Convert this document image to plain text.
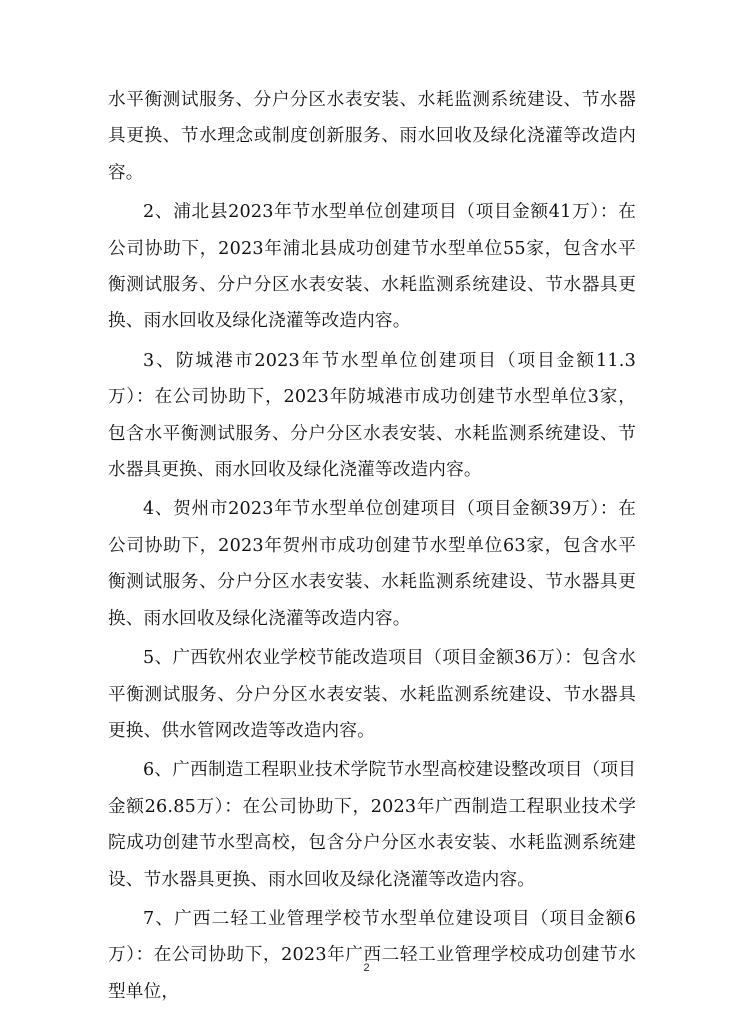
水平衡测试服务、分户分区水表安装、水耗监测系统建设、节水器具更换、节水理念或制度创新服务、雨水回收及绿化浇灌等改造内容。

2、浦北县2023年节水型单位创建项目（项目金额41万）：在公司协助下，2023年浦北县成功创建节水型单位55家，包含水平衡测试服务、分户分区水表安装、水耗监测系统建设、节水器具更换、雨水回收及绿化浇灌等改造内容。

3、防城港市2023年节水型单位创建项目（项目金额11.3万）：在公司协助下，2023年防城港市成功创建节水型单位3家，包含水平衡测试服务、分户分区水表安装、水耗监测系统建设、节水器具更换、雨水回收及绿化浇灌等改造内容。

4、贺州市2023年节水型单位创建项目（项目金额39万）：在公司协助下，2023年贺州市成功创建节水型单位63家，包含水平衡测试服务、分户分区水表安装、水耗监测系统建设、节水器具更换、雨水回收及绿化浇灌等改造内容。

5、广西钦州农业学校节能改造项目（项目金额36万）：包含水平衡测试服务、分户分区水表安装、水耗监测系统建设、节水器具更换、供水管网改造等改造内容。

6、广西制造工程职业技术学院节水型高校建设整改项目（项目金额26.85万）：在公司协助下，2023年广西制造工程职业技术学院成功创建节水型高校，包含分户分区水表安装、水耗监测系统建设、节水器具更换、雨水回收及绿化浇灌等改造内容。

7、广西二轻工业管理学校节水型单位建设项目（项目金额6万）：在公司协助下，2023年广西二轻工业管理学校成功创建节水型单位，

2
